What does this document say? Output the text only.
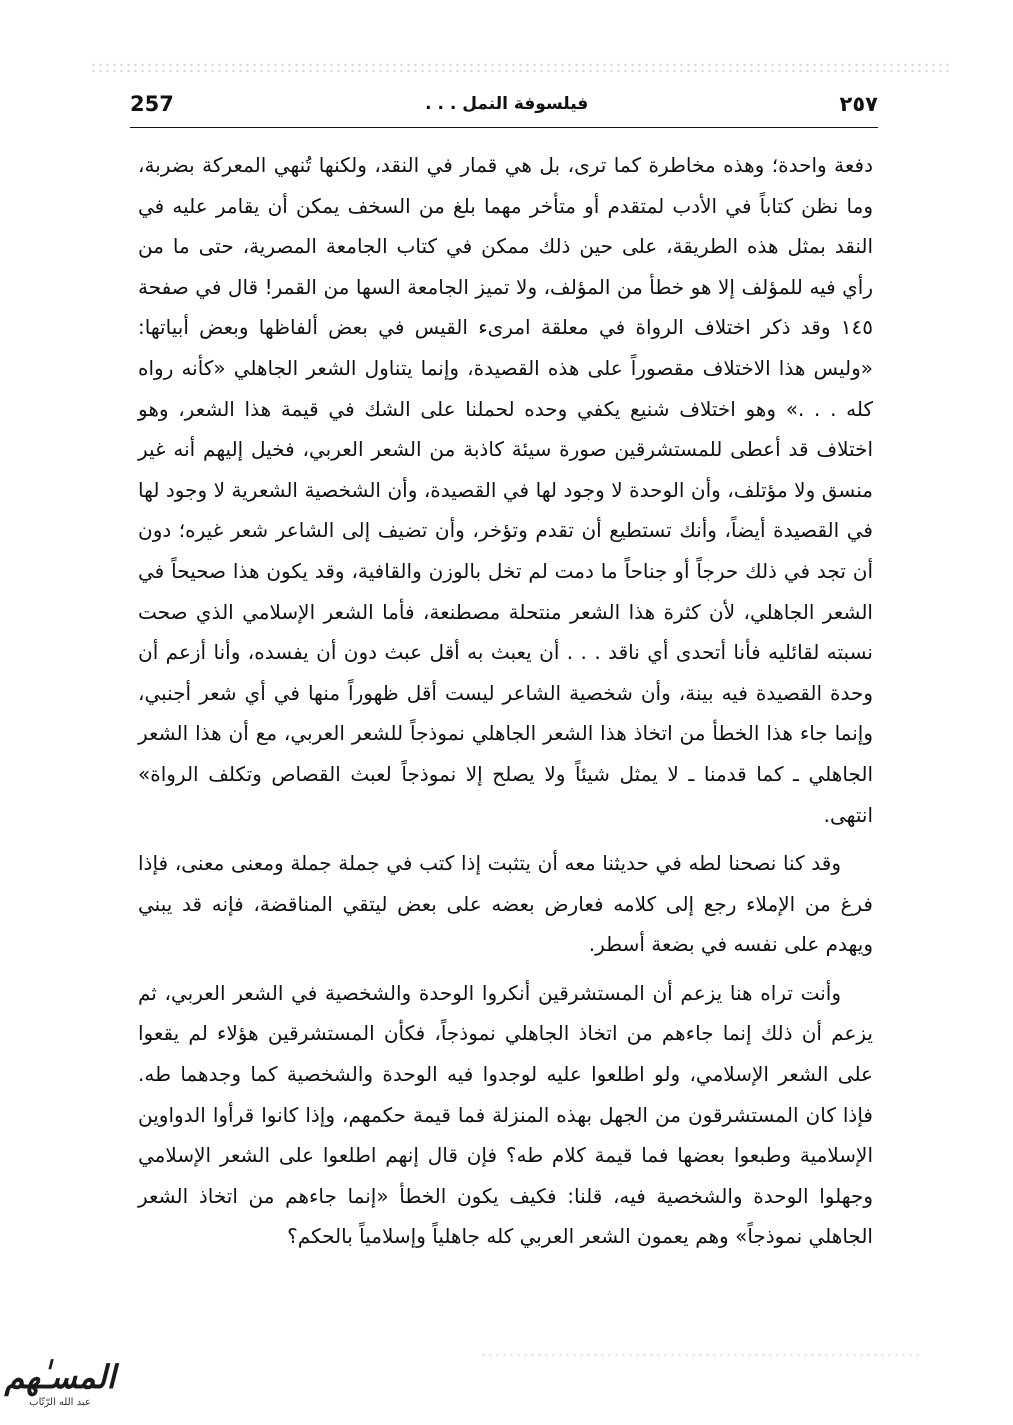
257	فيلسوفة النمل . . .	٢٥٧

دفعة واحدة؛ وهذه مخاطرة كما ترى، بل هي قمار في النقد، ولكنها تُنهي المعركة بضربة، وما نظن كتاباً في الأدب لمتقدم أو متأخر مهما بلغ من السخف يمكن أن يقامر عليه في النقد بمثل هذه الطريقة، على حين ذلك ممكن في كتاب الجامعة المصرية، حتى ما من رأي فيه للمؤلف إلا هو خطأ من المؤلف، ولا تميز الجامعة السها من القمر! قال في صفحة ١٤٥ وقد ذكر اختلاف الرواة في معلقة امرىء القيس في بعض ألفاظها وبعض أبياتها: «وليس هذا الاختلاف مقصوراً على هذه القصيدة، وإنما يتناول الشعر الجاهلي «كأنه رواه كله . . .» وهو اختلاف شنيع يكفي وحده لحملنا على الشك في قيمة هذا الشعر، وهو اختلاف قد أعطى للمستشرقين صورة سيئة كاذبة من الشعر العربي، فخيل إليهم أنه غير منسق ولا مؤتلف، وأن الوحدة لا وجود لها في القصيدة، وأن الشخصية الشعرية لا وجود لها في القصيدة أيضاً، وأنك تستطيع أن تقدم وتؤخر، وأن تضيف إلى الشاعر شعر غيره؛ دون أن تجد في ذلك حرجاً أو جناحاً ما دمت لم تخل بالوزن والقافية، وقد يكون هذا صحيحاً في الشعر الجاهلي، لأن كثرة هذا الشعر منتحلة مصطنعة، فأما الشعر الإسلامي الذي صحت نسبته لقائليه فأنا أتحدى أي ناقد . . . أن يعبث به أقل عبث دون أن يفسده، وأنا أزعم أن وحدة القصيدة فيه بينة، وأن شخصية الشاعر ليست أقل ظهوراً منها في أي شعر أجنبي، وإنما جاء هذا الخطأ من اتخاذ هذا الشعر الجاهلي نموذجاً للشعر العربي، مع أن هذا الشعر الجاهلي ـ كما قدمنا ـ لا يمثل شيئاً ولا يصلح إلا نموذجاً لعبث القصاص وتكلف الرواة» انتهى.

وقد كنا نصحنا لطه في حديثنا معه أن يتثبت إذا كتب في جملة جملة ومعنى معنى، فإذا فرغ من الإملاء رجع إلى كلامه فعارض بعضه على بعض ليتقي المناقضة، فإنه قد يبني ويهدم على نفسه في بضعة أسطر.

وأنت تراه هنا يزعم أن المستشرقين أنكروا الوحدة والشخصية في الشعر العربي، ثم يزعم أن ذلك إنما جاءهم من اتخاذ الجاهلي نموذجاً، فكأن المستشرقين هؤلاء لم يقعوا على الشعر الإسلامي، ولو اطلعوا عليه لوجدوا فيه الوحدة والشخصية كما وجدهما طه. فإذا كان المستشرقون من الجهل بهذه المنزلة فما قيمة حكمهم، وإذا كانوا قرأوا الدواوين الإسلامية وطبعوا بعضها فما قيمة كلام طه؟ فإن قال إنهم اطلعوا على الشعر الإسلامي وجهلوا الوحدة والشخصية فيه، قلنا: فكيف يكون الخطأ «إنما جاءهم من اتخاذ الشعر الجاهلي نموذجاً» وهم يعمون الشعر العربي كله جاهلياً وإسلامياً بالحكم؟

المسـٰهم
عبد الله الرّتّاب
